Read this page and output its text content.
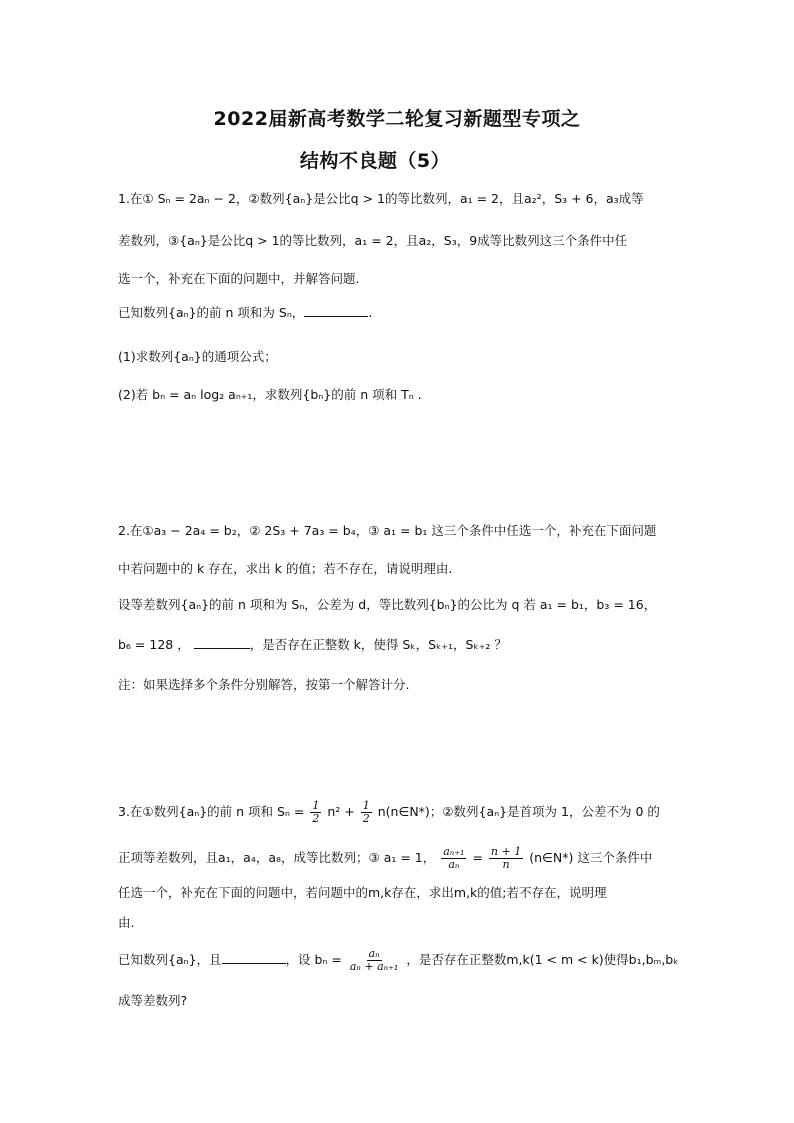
2022届新高考数学二轮复习新题型专项之
结构不良题（5）
1.在① Sₙ = 2aₙ − 2，②数列{aₙ}是公比q > 1的等比数列，a₁ = 2，且a₂²，S₃ + 6，a₃成等
差数列，③{aₙ}是公比q > 1的等比数列，a₁ = 2，且a₂，S₃，9成等比数列这三个条件中任
选一个，补充在下面的问题中，并解答问题.
已知数列{aₙ}的前 n 项和为 Sₙ，	.
(1)求数列{aₙ}的通项公式；
(2)若 bₙ = aₙ log₂ aₙ₊₁，求数列{bₙ}的前 n 项和 Tₙ .
2.在①a₃ − 2a₄ = b₂，② 2S₃ + 7a₃ = b₄，③ a₁ = b₁ 这三个条件中任选一个，补充在下面问题
中若问题中的 k 存在，求出 k 的值；若不存在，请说明理由.
设等差数列{aₙ}的前 n 项和为 Sₙ，公差为 d，等比数列{bₙ}的公比为 q 若 a₁ = b₁，b₃ = 16，
b₆ = 128 ，	，是否存在正整数 k，使得 Sₖ，Sₖ₊₁，Sₖ₊₂ ？
注：如果选择多个条件分别解答，按第一个解答计分.
3.在①数列{aₙ}的前 n 项和 $S_n = \frac{1}{2} n^2 + \frac{1}{2}$ n(n∈N*)；②数列{aₙ}是首项为 1，公差不为 0 的
正项等差数列，且a₁，a₄，a₈，成等比数列；③ a₁ = 1， $\frac{\text{aₙ₊₁}}{\text{aₙ}} = \frac{n + 1}{n}$ (n∈N*) 这三个条件中
任选一个，补充在下面的问题中，若问题中的m,k存在，求出m,k的值;若不存在，说明理
由.
已知数列{aₙ}，且	，设 $b_n = \frac{\text{aₙ}}{\text{aₙ + aₙ₊₁}}$ ，是否存在正整数m,k(1 < m < k)使得b₁,bₘ,bₖ
成等差数列?
